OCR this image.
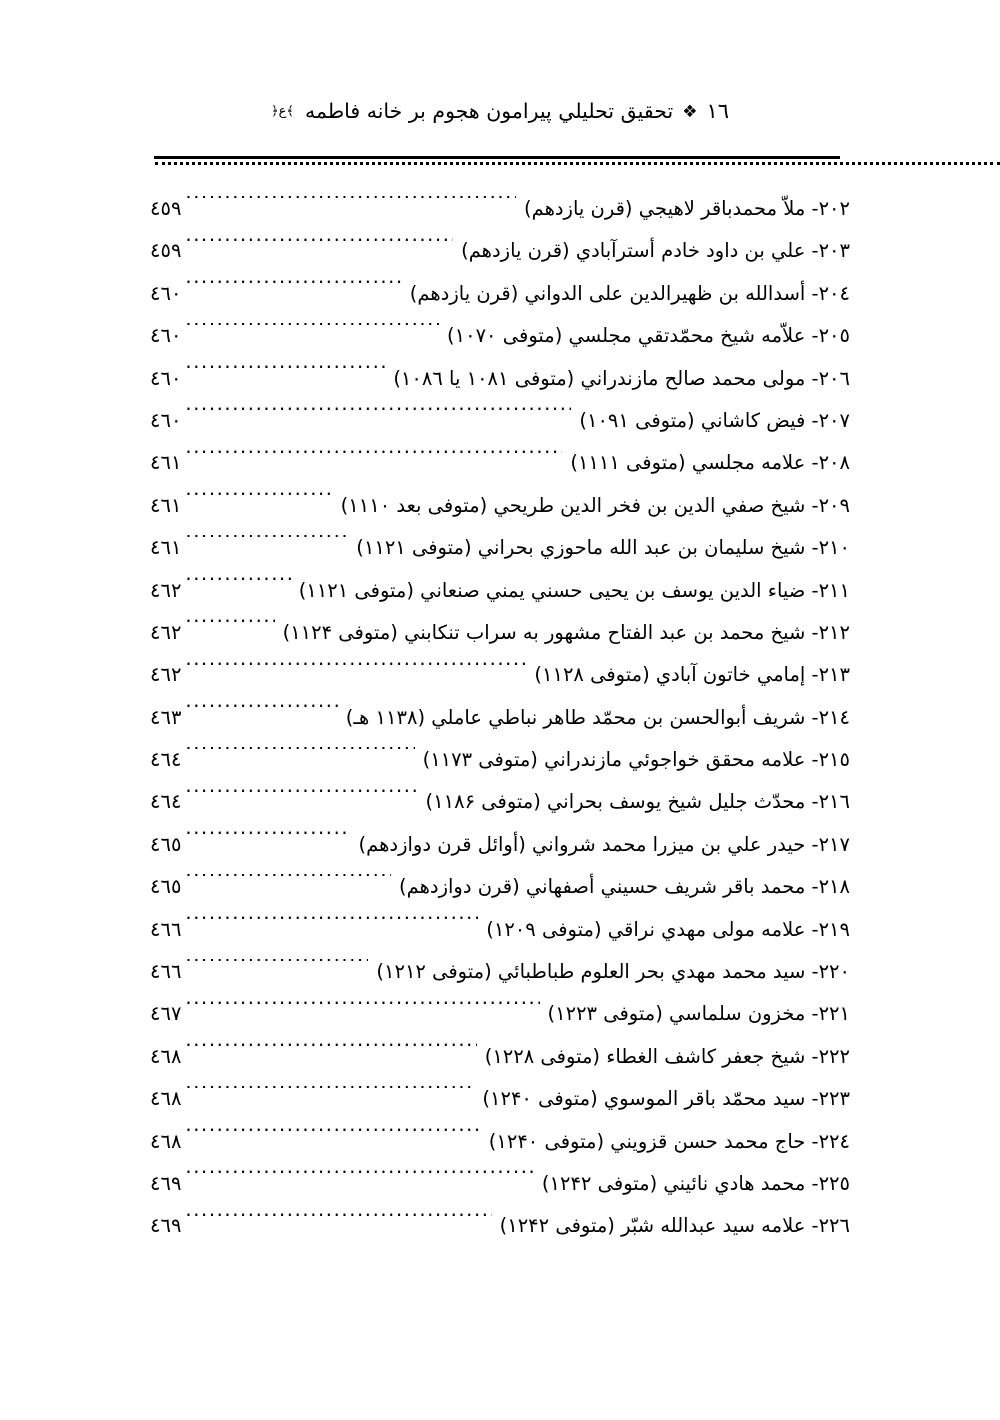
١٦
❖
تحقيق تحليلي پيرامون هجوم بر خانه فاطمه
﴾ع﴿
٢٠٢- ملاّ محمدباقر لاهيجي (قرن يازدهم)
.....
٤٥٩
٢٠٣- علي بن داود خادم أسترآبادي (قرن يازدهم)
.....
٤٥٩
٢٠٤- أسدالله بن ظهيرالدين على الدواني (قرن يازدهم)
.....
٤٦٠
٢٠٥- علاّمه شيخ محمّدتقي مجلسي (متوفى ١٠٧٠)
.....
٤٦٠
٢٠٦- مولى محمد صالح مازندراني (متوفى ١٠٨١ يا ١٠٨٦)
.....
٤٦٠
٢٠٧- فيض كاشاني (متوفى ١٠٩١)
.....
٤٦٠
٢٠٨- علامه مجلسي (متوفى ١١١١)
.....
٤٦١
٢٠٩- شيخ صفي الدين بن فخر الدين طريحي (متوفى بعد ١١١٠)
.....
٤٦١
٢١٠- شيخ سليمان بن عبد الله ماحوزي بحراني (متوفى ١١٢١)
.....
٤٦١
٢١١- ضياء الدين يوسف بن يحيى حسني يمني صنعاني (متوفى ١١٢١)
.....
٤٦٢
٢١٢- شيخ محمد بن عبد الفتاح مشهور به سراب تنكابني (متوفى ١١٢۴)
.....
٤٦٢
٢١٣- إمامي خاتون آبادي (متوفى ١١٢٨)
.....
٤٦٢
٢١٤- شريف أبوالحسن بن محمّد طاهر نباطي عاملي (١١٣٨ هـ)
.....
٤٦٣
٢١٥- علامه محقق خواجوئي مازندراني (متوفى ١١٧٣)
.....
٤٦٤
٢١٦- محدّث جليل شيخ يوسف بحراني (متوفى ١١٨۶)
.....
٤٦٤
٢١٧- حيدر علي بن ميزرا محمد شرواني (أوائل قرن دوازدهم)
.....
٤٦٥
٢١٨- محمد باقر شريف حسيني أصفهاني (قرن دوازدهم)
.....
٤٦٥
٢١٩- علامه مولى مهدي نراقي (متوفى ١٢٠٩)
.....
٤٦٦
٢٢٠- سيد محمد مهدي بحر العلوم طباطبائي (متوفى ١٢١٢)
.....
٤٦٦
٢٢١- مخزون سلماسي (متوفى ١٢٢٣)
.....
٤٦٧
٢٢٢- شيخ جعفر كاشف الغطاء (متوفى ١٢٢٨)
.....
٤٦٨
٢٢٣- سيد محمّد باقر الموسوي (متوفى ١٢۴٠)
.....
٤٦٨
٢٢٤- حاج محمد حسن قزويني (متوفى ١٢۴٠)
.....
٤٦٨
٢٢٥- محمد هادي نائيني (متوفى ١٢۴٢)
.....
٤٦٩
٢٢٦- علامه سيد عبدالله شبّر (متوفى ١٢۴٢)
.....
٤٦٩
